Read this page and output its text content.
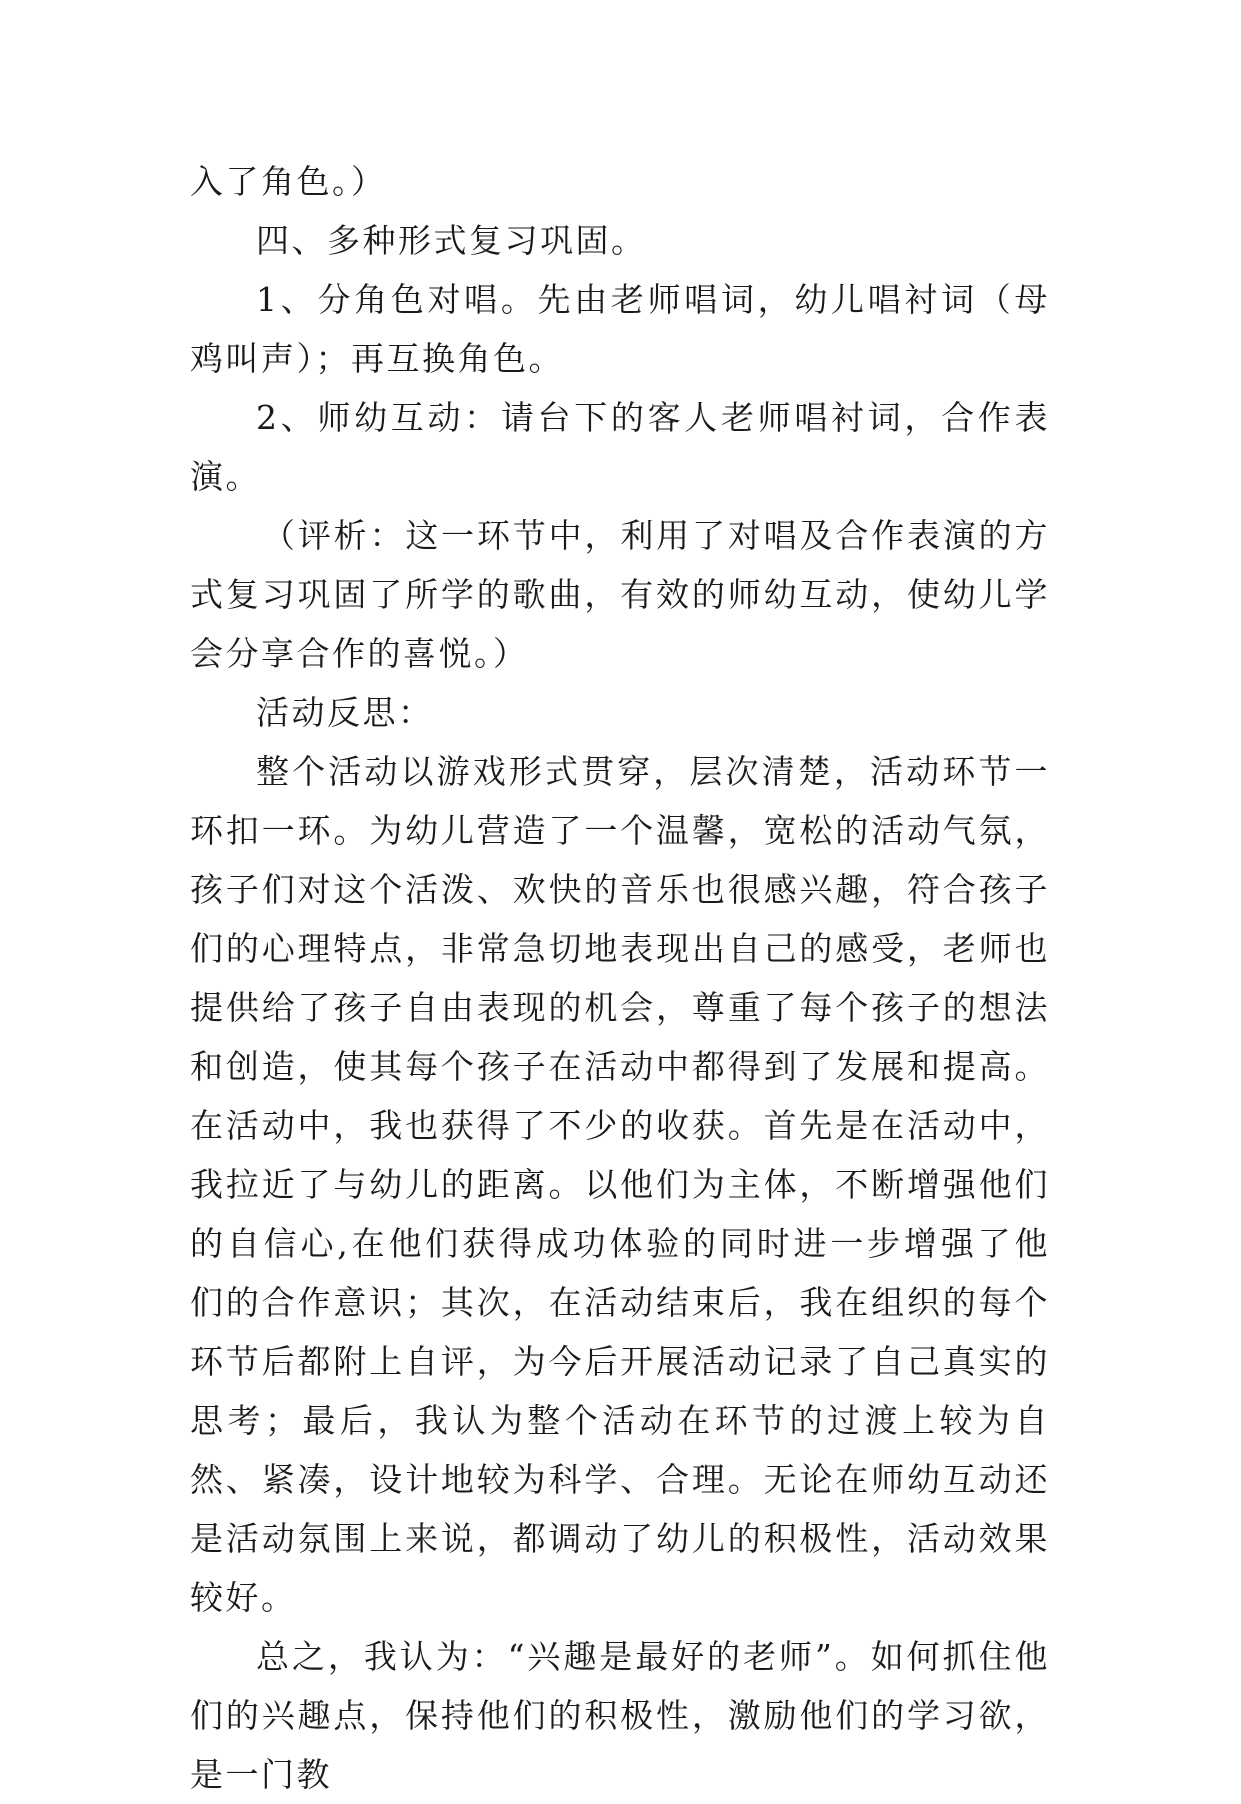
入了角色。）

四、多种形式复习巩固。

1、分角色对唱。先由老师唱词，幼儿唱衬词（母鸡叫声）；再互换角色。

2、师幼互动：请台下的客人老师唱衬词，合作表演。

（评析：这一环节中，利用了对唱及合作表演的方式复习巩固了所学的歌曲，有效的师幼互动，使幼儿学会分享合作的喜悦。）

活动反思：

整个活动以游戏形式贯穿，层次清楚，活动环节一环扣一环。为幼儿营造了一个温馨，宽松的活动气氛，孩子们对这个活泼、欢快的音乐也很感兴趣，符合孩子们的心理特点，非常急切地表现出自己的感受，老师也提供给了孩子自由表现的机会，尊重了每个孩子的想法和创造，使其每个孩子在活动中都得到了发展和提高。在活动中，我也获得了不少的收获。首先是在活动中，我拉近了与幼儿的距离。以他们为主体，不断增强他们的自信心,在他们获得成功体验的同时进一步增强了他们的合作意识；其次，在活动结束后，我在组织的每个环节后都附上自评，为今后开展活动记录了自己真实的思考；最后，我认为整个活动在环节的过渡上较为自然、紧凑，设计地较为科学、合理。无论在师幼互动还是活动氛围上来说，都调动了幼儿的积极性，活动效果较好。

总之，我认为：“兴趣是最好的老师”。如何抓住他们的兴趣点，保持他们的积极性，激励他们的学习欲，是一门教
